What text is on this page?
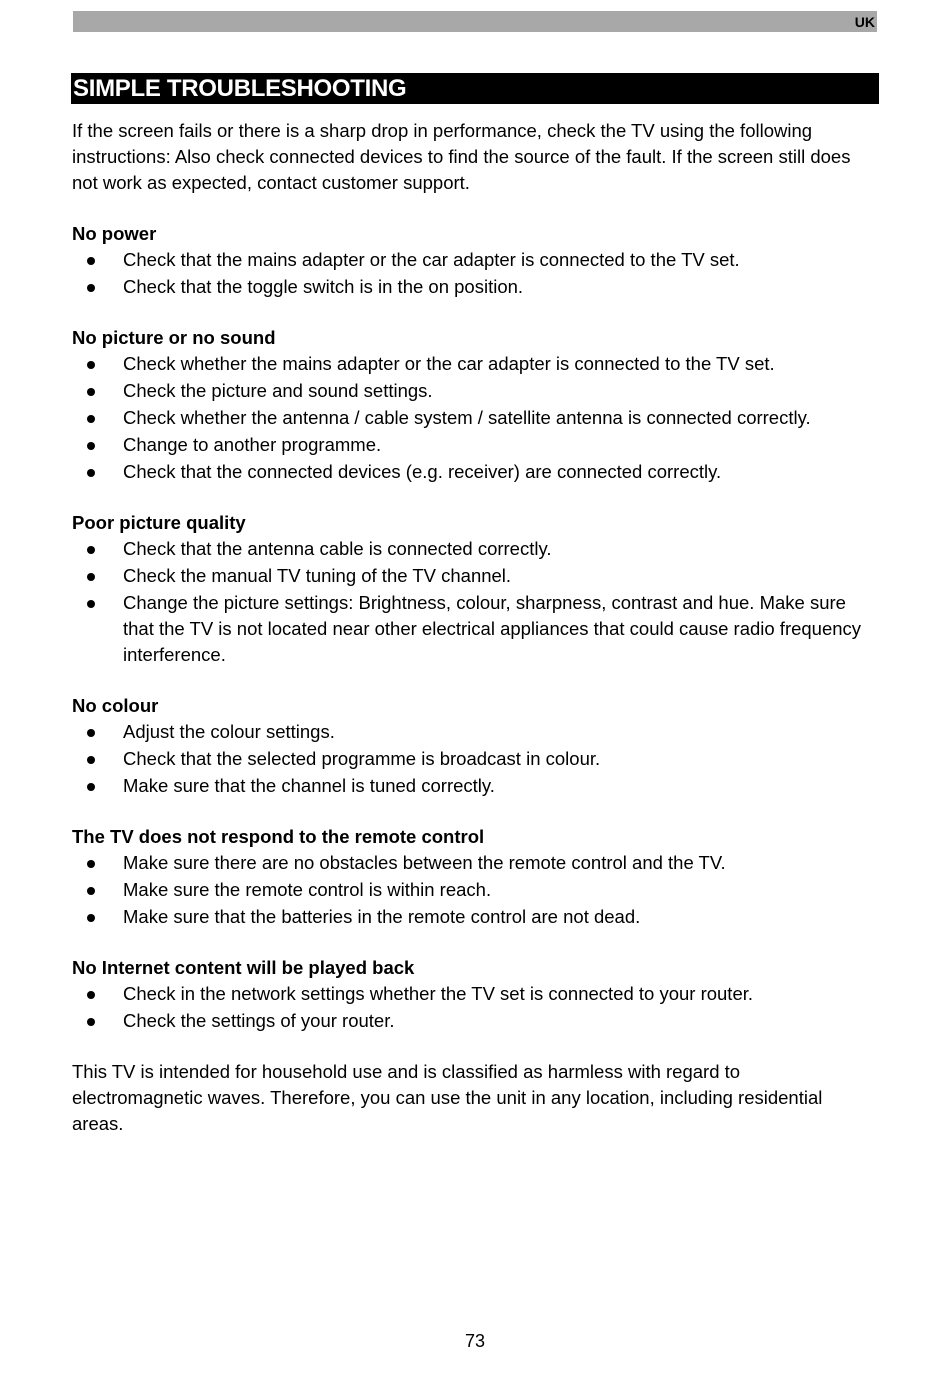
UK
SIMPLE TROUBLESHOOTING

If the screen fails or there is a sharp drop in performance, check the TV using the following instructions: Also check connected devices to find the source of the fault. If the screen still does not work as expected, contact customer support.

No power

Check that the mains adapter or the car adapter is connected to the TV set.
Check that the toggle switch is in the on position.

No picture or no sound

Check whether the mains adapter or the car adapter is connected to the TV set.
Check the picture and sound settings.
Check whether the antenna / cable system / satellite antenna is connected correctly.
Change to another programme.
Check that the connected devices (e.g. receiver) are connected correctly.

Poor picture quality

Check that the antenna cable is connected correctly.
Check the manual TV tuning of the TV channel.
Change the picture settings: Brightness, colour, sharpness, contrast and hue. Make sure that the TV is not located near other electrical appliances that could cause radio frequency interference.

No colour

Adjust the colour settings.
Check that the selected programme is broadcast in colour.
Make sure that the channel is tuned correctly.

The TV does not respond to the remote control

Make sure there are no obstacles between the remote control and the TV.
Make sure the remote control is within reach.
Make sure that the batteries in the remote control are not dead.

No Internet content will be played back

Check in the network settings whether the TV set is connected to your router.
Check the settings of your router.

This TV is intended for household use and is classified as harmless with regard to electromagnetic waves. Therefore, you can use the unit in any location, including residential areas.

73
